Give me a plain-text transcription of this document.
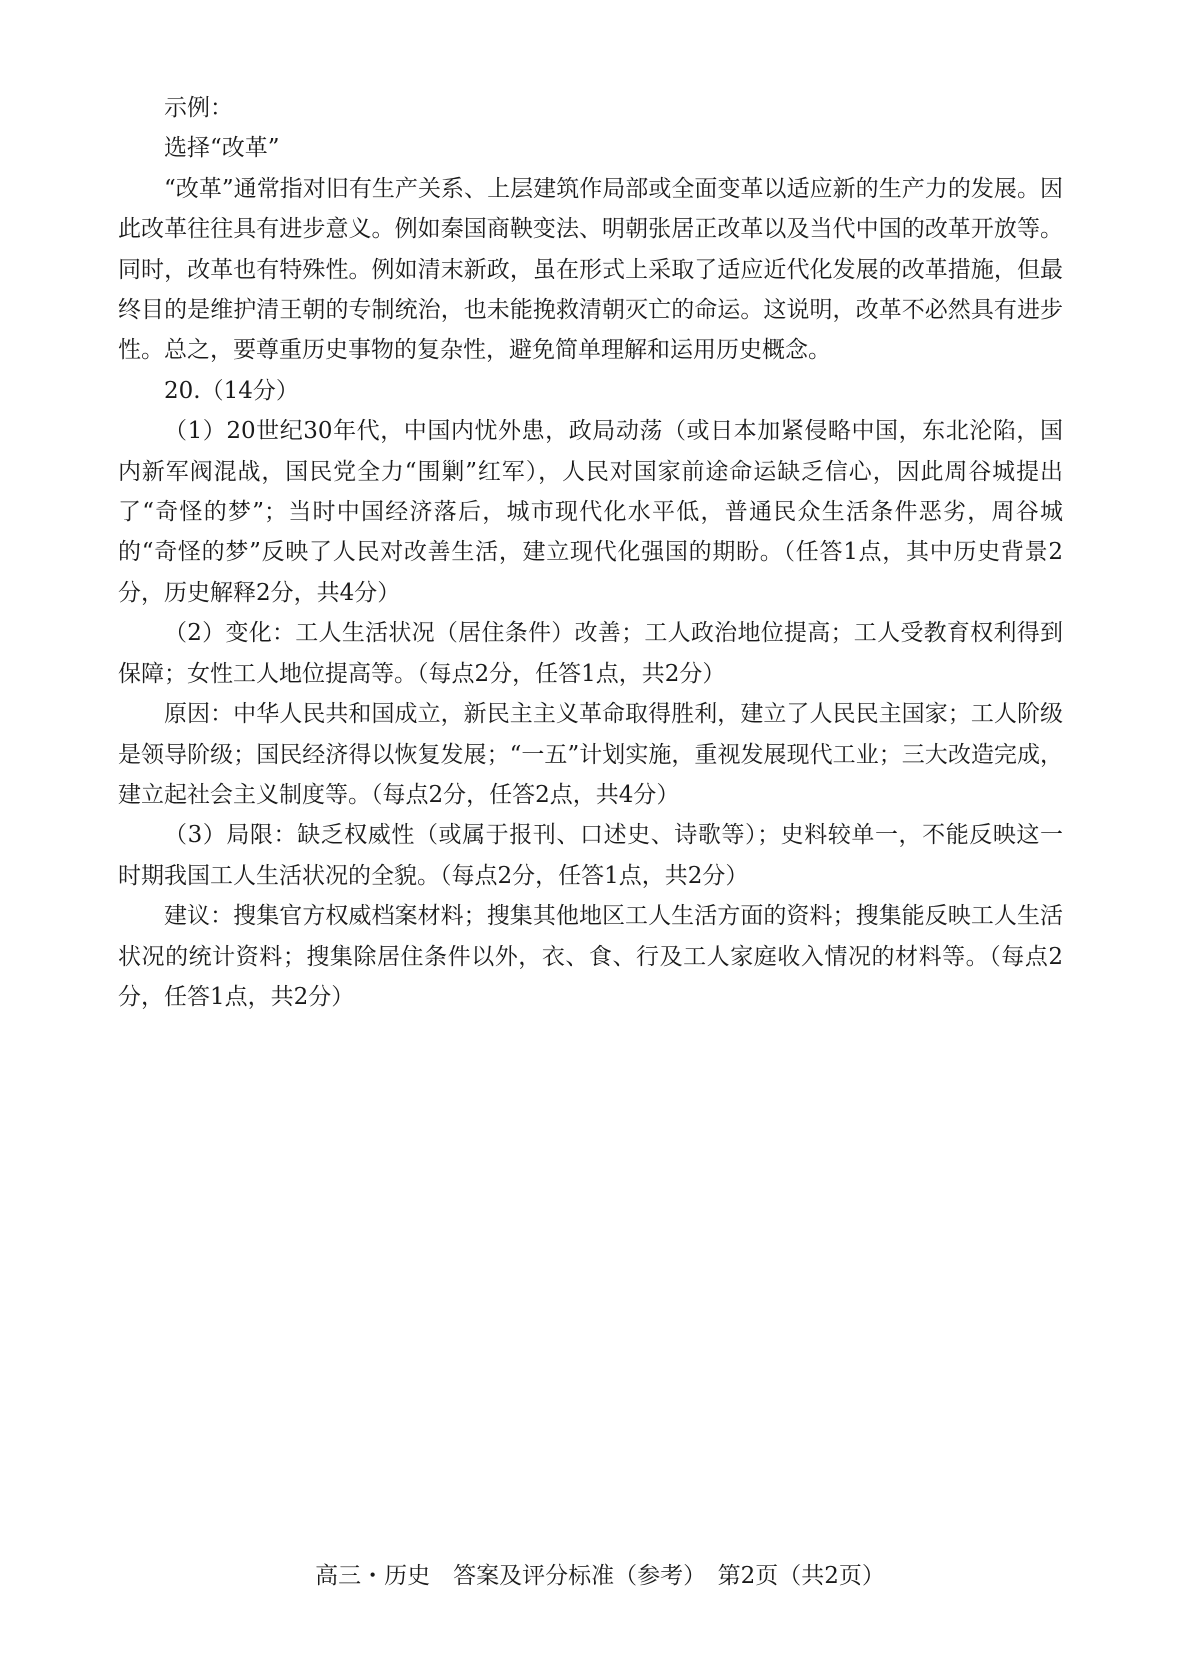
示例：

选择“改革”

“改革”通常指对旧有生产关系、上层建筑作局部或全面变革以适应新的生产力的发展。因此改革往往具有进步意义。例如秦国商鞅变法、明朝张居正改革以及当代中国的改革开放等。同时，改革也有特殊性。例如清末新政，虽在形式上采取了适应近代化发展的改革措施，但最终目的是维护清王朝的专制统治，也未能挽救清朝灭亡的命运。这说明，改革不必然具有进步性。总之，要尊重历史事物的复杂性，避免简单理解和运用历史概念。

20.（14分）

（1）20世纪30年代，中国内忧外患，政局动荡（或日本加紧侵略中国，东北沦陷，国内新军阀混战，国民党全力“围剿”红军），人民对国家前途命运缺乏信心，因此周谷城提出了“奇怪的梦”；当时中国经济落后，城市现代化水平低，普通民众生活条件恶劣，周谷城的“奇怪的梦”反映了人民对改善生活，建立现代化强国的期盼。（任答1点，其中历史背景2分，历史解释2分，共4分）

（2）变化：工人生活状况（居住条件）改善；工人政治地位提高；工人受教育权利得到保障；女性工人地位提高等。（每点2分，任答1点，共2分）

原因：中华人民共和国成立，新民主主义革命取得胜利，建立了人民民主国家；工人阶级是领导阶级；国民经济得以恢复发展；“一五”计划实施，重视发展现代工业；三大改造完成，建立起社会主义制度等。（每点2分，任答2点，共4分）

（3）局限：缺乏权威性（或属于报刊、口述史、诗歌等）；史料较单一，不能反映这一时期我国工人生活状况的全貌。（每点2分，任答1点，共2分）

建议：搜集官方权威档案材料；搜集其他地区工人生活方面的资料；搜集能反映工人生活状况的统计资料；搜集除居住条件以外，衣、食、行及工人家庭收入情况的材料等。（每点2分，任答1点，共2分）

高三・历史　答案及评分标准（参考）　第2页（共2页）
